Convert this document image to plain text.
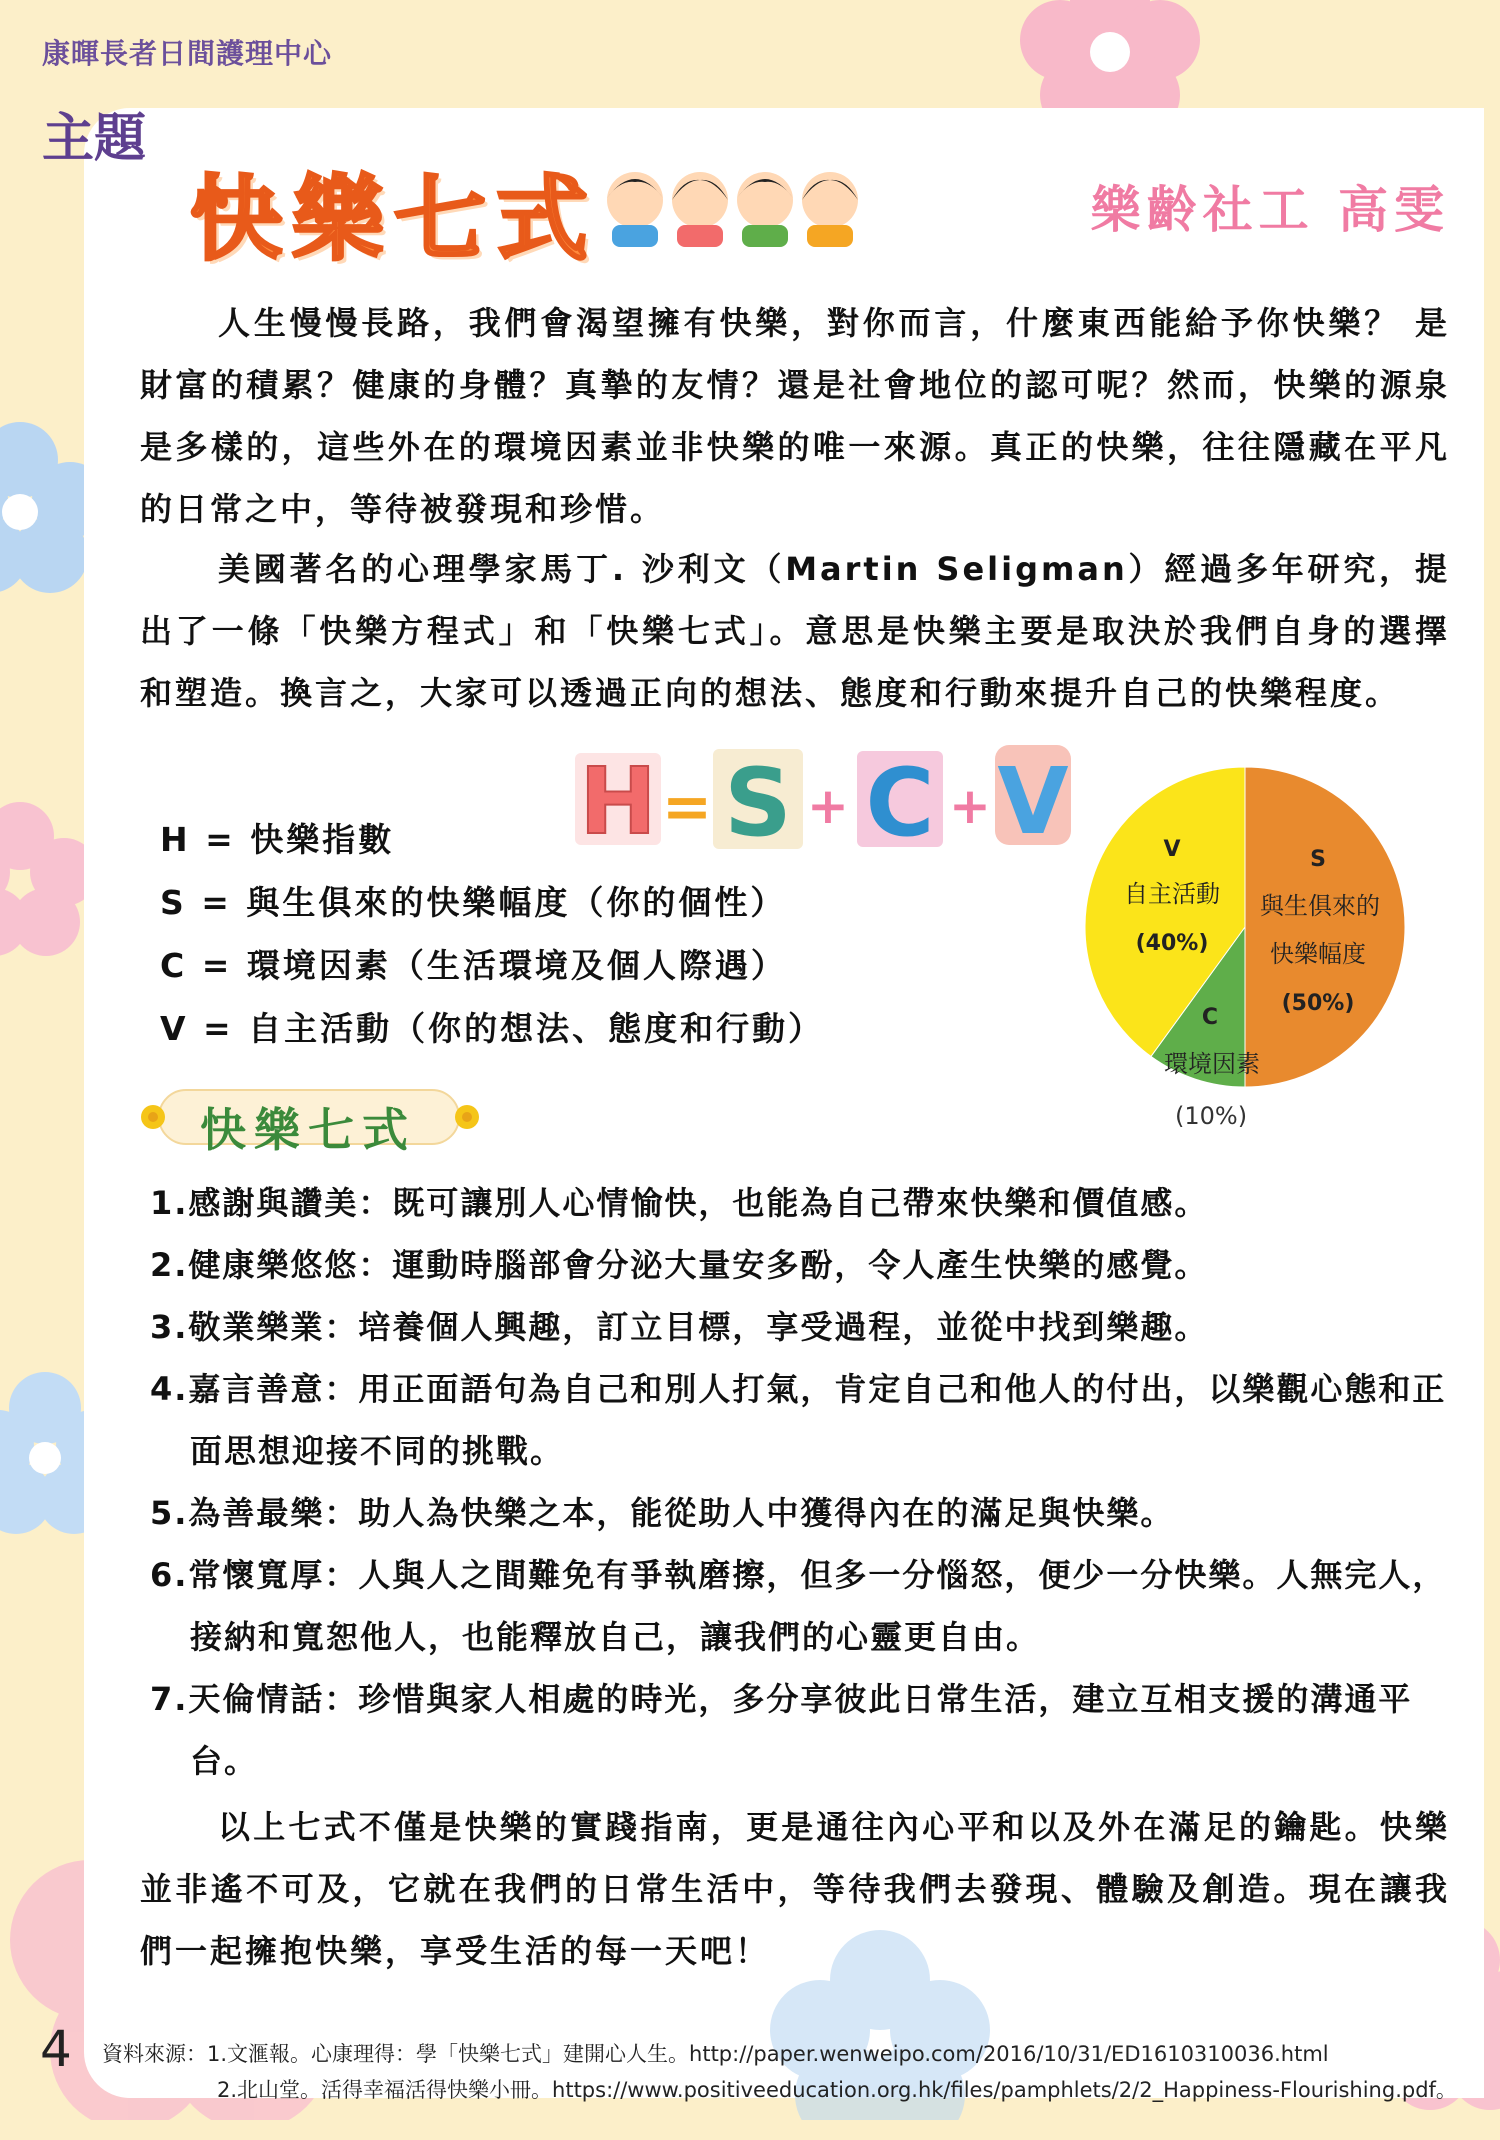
康暉長者日間護理中心
主題
快樂七式	樂齡社工 高雯

人生慢慢長路，我們會渴望擁有快樂，對你而言，什麼東西能給予你快樂？ 是財富的積累？健康的身體？真摯的友情？還是社會地位的認可呢？然而，快樂的源泉是多樣的，這些外在的環境因素並非快樂的唯一來源。真正的快樂，往往隱藏在平凡的日常之中，等待被發現和珍惜。

美國著名的心理學家馬丁. 沙利文（Martin Seligman）經過多年研究，提出了一條「快樂方程式」和「快樂七式」。意思是快樂主要是取決於我們自身的選擇和塑造。換言之，大家可以透過正向的想法、態度和行動來提升自己的快樂程度。

H = S + C + V
H = 快樂指數
S = 與生俱來的快樂幅度（你的個性）
C = 環境因素（生活環境及個人際遇）
V = 自主活動（你的想法、態度和行動）
S
與生俱來的
快樂幅度
(50%)
V
自主活動
(40%)
C
環境因素
(10%)
快樂七式
1.感謝與讚美：既可讓別人心情愉快，也能為自己帶來快樂和價值感。
2.健康樂悠悠：運動時腦部會分泌大量安多酚，令人產生快樂的感覺。
3.敬業樂業：培養個人興趣，訂立目標，享受過程，並從中找到樂趣。
4.嘉言善意：用正面語句為自己和別人打氣，肯定自己和他人的付出，以樂觀心態和正面思想迎接不同的挑戰。
5.為善最樂：助人為快樂之本，能從助人中獲得內在的滿足與快樂。
6.常懷寬厚：人與人之間難免有爭執磨擦，但多一分惱怒，便少一分快樂。人無完人，接納和寬恕他人，也能釋放自己，讓我們的心靈更自由。
7.天倫情話：珍惜與家人相處的時光，多分享彼此日常生活，建立互相支援的溝通平台。

以上七式不僅是快樂的實踐指南，更是通往內心平和以及外在滿足的鑰匙。快樂並非遙不可及，它就在我們的日常生活中，等待我們去發現、體驗及創造。現在讓我們一起擁抱快樂，享受生活的每一天吧！

4 資料來源：1.文滙報。心康理得：學「快樂七式」建開心人生。http://paper.wenweipo.com/2016/10/31/ED1610310036.html
2.北山堂。活得幸福活得快樂小冊。https://www.positiveeducation.org.hk/files/pamphlets/2/2_Happiness-Flourishing.pdf。
